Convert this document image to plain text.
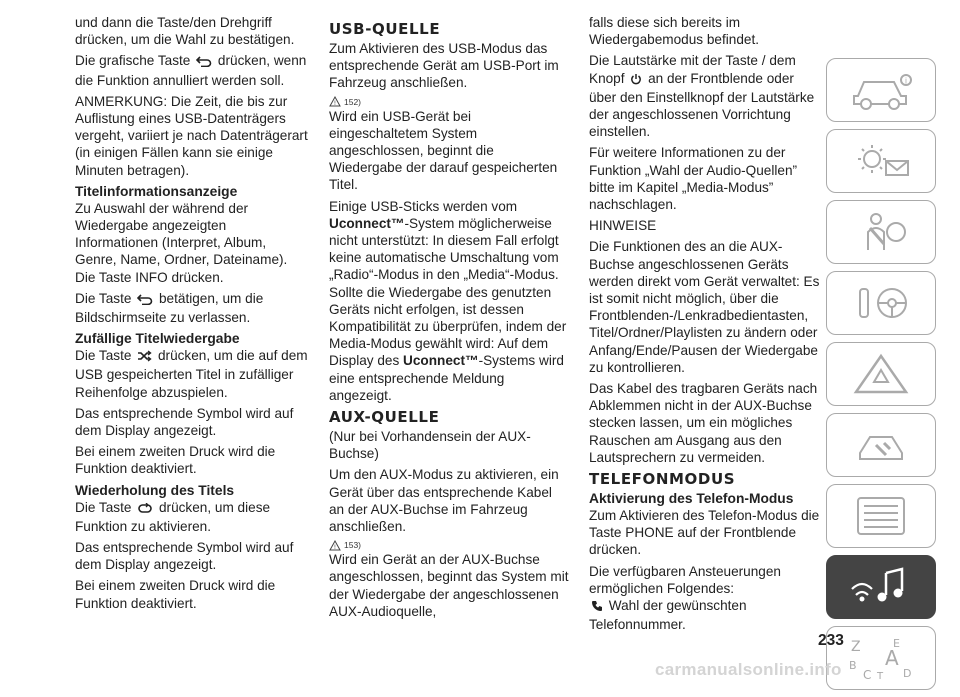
und dann die Taste/den Drehgriff drücken, um die Wahl zu bestätigen.

Die grafische Taste drücken, wenn die Funktion annulliert werden soll.

ANMERKUNG: Die Zeit, die bis zur Auflistung eines USB-Datenträgers vergeht, variiert je nach Datenträgerart (in einigen Fällen kann sie einige Minuten betragen).

Titelinformationsanzeige

Zu Auswahl der während der Wiedergabe angezeigten Informationen (Interpret, Album, Genre, Name, Ordner, Dateiname). Die Taste INFO drücken.

Die Taste betätigen, um die Bildschirmseite zu verlassen.

Zufällige Titelwiedergabe

Die Taste drücken, um die auf dem USB gespeicherten Titel in zufälliger Reihenfolge abzuspielen.

Das entsprechende Symbol wird auf dem Display angezeigt.

Bei einem zweiten Druck wird die Funktion deaktiviert.

Wiederholung des Titels

Die Taste drücken, um diese Funktion zu aktivieren.

Das entsprechende Symbol wird auf dem Display angezeigt.

Bei einem zweiten Druck wird die Funktion deaktiviert.

USB-QUELLE

Zum Aktivieren des USB-Modus das entsprechende Gerät am USB-Port im Fahrzeug anschließen.

! 152)

Wird ein USB-Gerät bei eingeschaltetem System angeschlossen, beginnt die Wiedergabe der darauf gespeicherten Titel.

Einige USB-Sticks werden vom Uconnect™-System möglicherweise nicht unterstützt: In diesem Fall erfolgt keine automatische Umschaltung vom „Radio“-Modus in den „Media“-Modus. Sollte die Wiedergabe des genutzten Geräts nicht erfolgen, ist dessen Kompatibilität zu überprüfen, indem der Media-Modus gewählt wird: Auf dem Display des Uconnect™-Systems wird eine entsprechende Meldung angezeigt.

AUX-QUELLE

(Nur bei Vorhandensein der AUX-Buchse)

Um den AUX-Modus zu aktivieren, ein Gerät über das entsprechende Kabel an der AUX-Buchse im Fahrzeug anschließen.

! 153)

Wird ein Gerät an der AUX-Buchse angeschlossen, beginnt das System mit der Wiedergabe der angeschlossenen AUX-Audioquelle,

falls diese sich bereits im Wiedergabemodus befindet.

Die Lautstärke mit der Taste / dem Knopf an der Frontblende oder über den Einstellknopf der Lautstärke der angeschlossenen Vorrichtung einstellen.

Für weitere Informationen zu der Funktion „Wahl der Audio-Quellen” bitte im Kapitel „Media-Modus” nachschlagen.

HINWEISE

Die Funktionen des an die AUX-Buchse angeschlossenen Geräts werden direkt vom Gerät verwaltet: Es ist somit nicht möglich, über die Frontblenden-/Lenkradbedientasten, Titel/Ordner/Playlisten zu ändern oder Anfang/Ende/Pausen der Wiedergabe zu kontrollieren.

Das Kabel des tragbaren Geräts nach Abklemmen nicht in der AUX-Buchse stecken lassen, um ein mögliches Rauschen am Ausgang aus den Lautsprechern zu vermeiden.

TELEFONMODUS
Aktivierung des Telefon-Modus

Zum Aktivieren des Telefon-Modus die Taste PHONE auf der Frontblende drücken.

Die verfügbaren Ansteuerungen ermöglichen Folgendes:

Wahl der gewünschten Telefonnummer.

i
Z	E
B A
C T D
233
carmanualsonline.info
